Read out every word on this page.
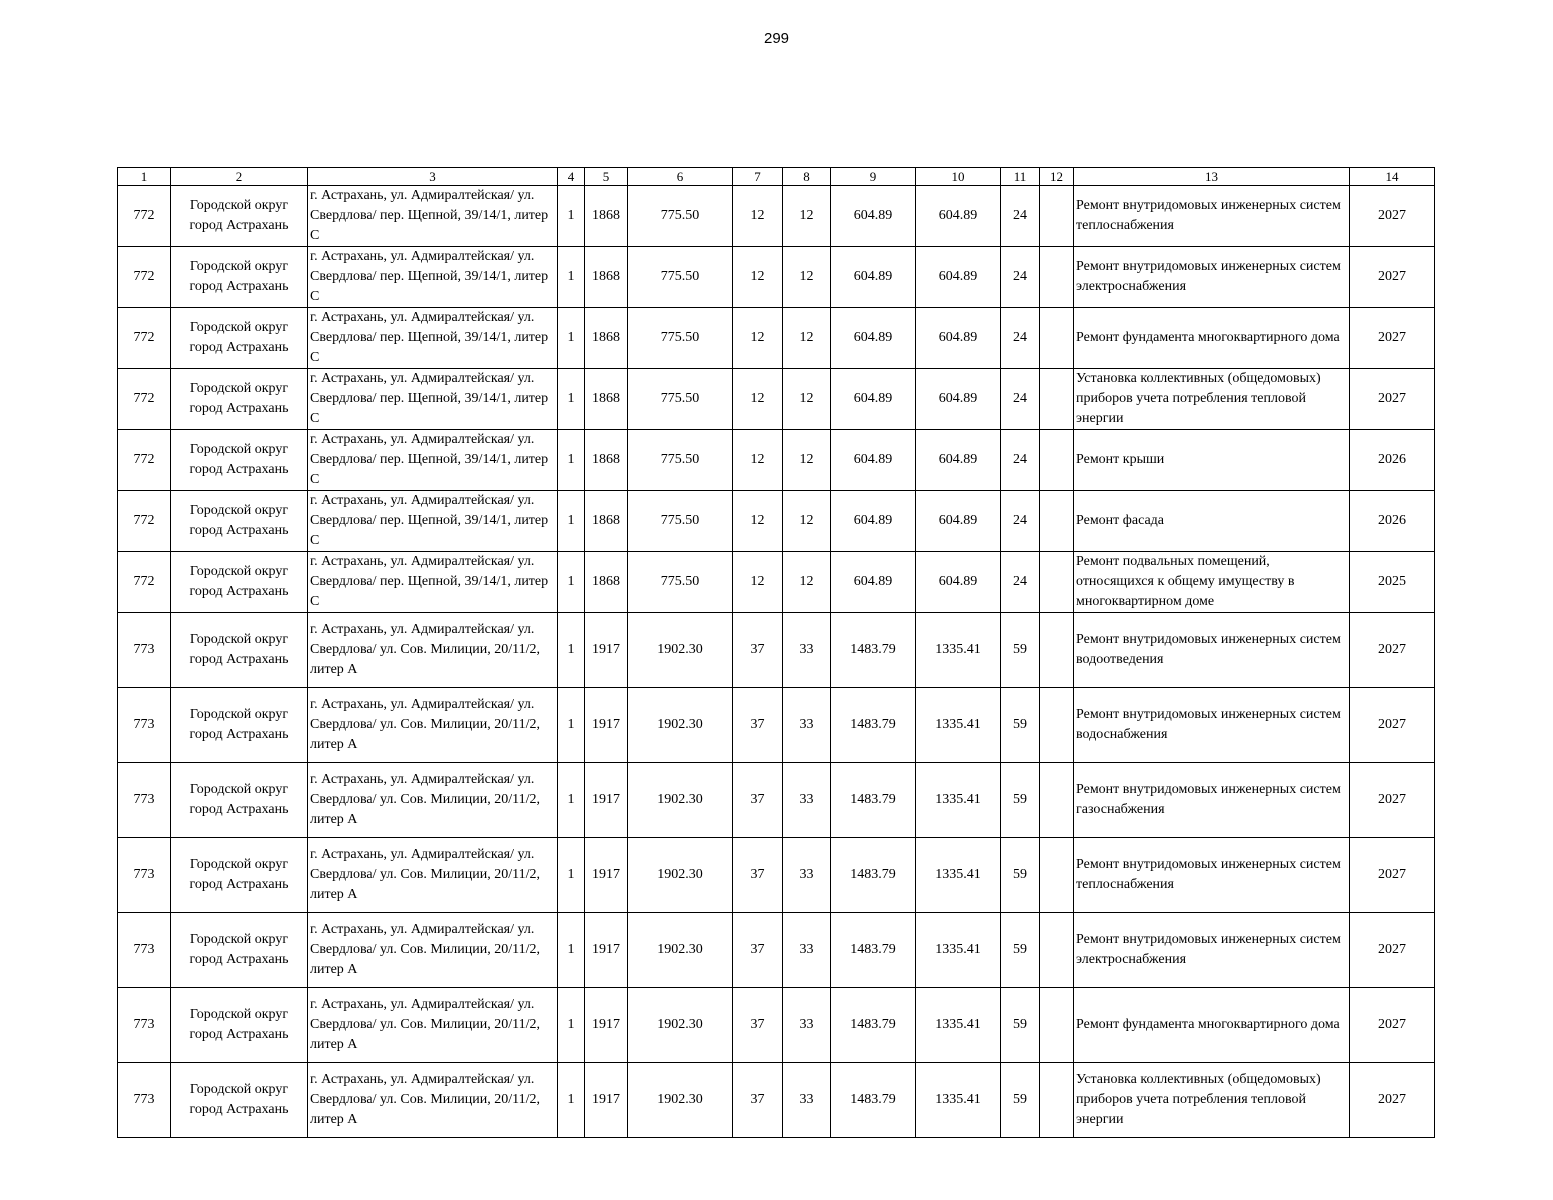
299
1	2	3	4	5	6	7	8	9	10	11	12	13	14
772	Городской округ город Астрахань	г. Астрахань, ул. Адмиралтейская/ ул. Свердлова/ пер. Щепной, 39/14/1, литер С	1	1868	775.50	12	12	604.89	604.89	24		Ремонт внутридомовых инженерных систем теплоснабжения	2027
772	Городской округ город Астрахань	г. Астрахань, ул. Адмиралтейская/ ул. Свердлова/ пер. Щепной, 39/14/1, литер С	1	1868	775.50	12	12	604.89	604.89	24		Ремонт внутридомовых инженерных систем электроснабжения	2027
772	Городской округ город Астрахань	г. Астрахань, ул. Адмиралтейская/ ул. Свердлова/ пер. Щепной, 39/14/1, литер С	1	1868	775.50	12	12	604.89	604.89	24		Ремонт фундамента многоквартирного дома	2027
772	Городской округ город Астрахань	г. Астрахань, ул. Адмиралтейская/ ул. Свердлова/ пер. Щепной, 39/14/1, литер С	1	1868	775.50	12	12	604.89	604.89	24		Установка коллективных (общедомовых) приборов учета потребления тепловой энергии	2027
772	Городской округ город Астрахань	г. Астрахань, ул. Адмиралтейская/ ул. Свердлова/ пер. Щепной, 39/14/1, литер С	1	1868	775.50	12	12	604.89	604.89	24		Ремонт крыши	2026
772	Городской округ город Астрахань	г. Астрахань, ул. Адмиралтейская/ ул. Свердлова/ пер. Щепной, 39/14/1, литер С	1	1868	775.50	12	12	604.89	604.89	24		Ремонт фасада	2026
772	Городской округ город Астрахань	г. Астрахань, ул. Адмиралтейская/ ул. Свердлова/ пер. Щепной, 39/14/1, литер С	1	1868	775.50	12	12	604.89	604.89	24		Ремонт подвальных помещений, относящихся к общему имуществу в многоквартирном доме	2025
773	Городской округ город Астрахань	г. Астрахань, ул. Адмиралтейская/ ул. Свердлова/ ул. Сов. Милиции, 20/11/2, литер А	1	1917	1902.30	37	33	1483.79	1335.41	59		Ремонт внутридомовых инженерных систем водоотведения	2027
773	Городской округ город Астрахань	г. Астрахань, ул. Адмиралтейская/ ул. Свердлова/ ул. Сов. Милиции, 20/11/2, литер А	1	1917	1902.30	37	33	1483.79	1335.41	59		Ремонт внутридомовых инженерных систем водоснабжения	2027
773	Городской округ город Астрахань	г. Астрахань, ул. Адмиралтейская/ ул. Свердлова/ ул. Сов. Милиции, 20/11/2, литер А	1	1917	1902.30	37	33	1483.79	1335.41	59		Ремонт внутридомовых инженерных систем газоснабжения	2027
773	Городской округ город Астрахань	г. Астрахань, ул. Адмиралтейская/ ул. Свердлова/ ул. Сов. Милиции, 20/11/2, литер А	1	1917	1902.30	37	33	1483.79	1335.41	59		Ремонт внутридомовых инженерных систем теплоснабжения	2027
773	Городской округ город Астрахань	г. Астрахань, ул. Адмиралтейская/ ул. Свердлова/ ул. Сов. Милиции, 20/11/2, литер А	1	1917	1902.30	37	33	1483.79	1335.41	59		Ремонт внутридомовых инженерных систем электроснабжения	2027
773	Городской округ город Астрахань	г. Астрахань, ул. Адмиралтейская/ ул. Свердлова/ ул. Сов. Милиции, 20/11/2, литер А	1	1917	1902.30	37	33	1483.79	1335.41	59		Ремонт фундамента многоквартирного дома	2027
773	Городской округ город Астрахань	г. Астрахань, ул. Адмиралтейская/ ул. Свердлова/ ул. Сов. Милиции, 20/11/2, литер А	1	1917	1902.30	37	33	1483.79	1335.41	59		Установка коллективных (общедомовых) приборов учета потребления тепловой энергии	2027
